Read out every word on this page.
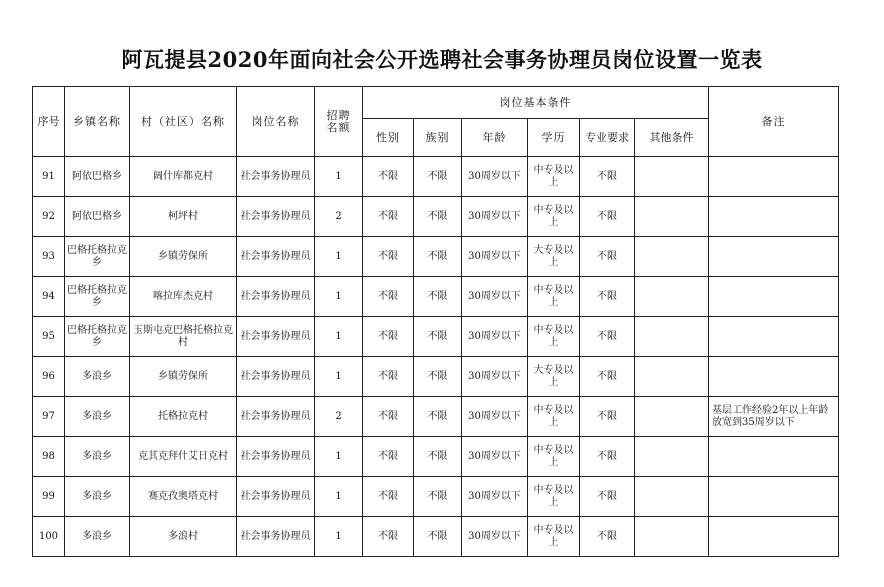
阿瓦提县2020年面向社会公开选聘社会事务协理员岗位设置一览表
序号	乡镇名称	村（社区）名称	岗位名称	招聘名额	岗位基本条件						备注
					性别	族别	年龄	学历	专业要求	其他条件	
91	阿依巴格乡	阔什库都克村	社会事务协理员	1	不限	不限	30周岁以下	中专及以上	不限		
92	阿依巴格乡	柯坪村	社会事务协理员	2	不限	不限	30周岁以下	中专及以上	不限		
93	巴格托格拉克乡	乡镇劳保所	社会事务协理员	1	不限	不限	30周岁以下	大专及以上	不限		
94	巴格托格拉克乡	喀拉库杰克村	社会事务协理员	1	不限	不限	30周岁以下	中专及以上	不限		
95	巴格托格拉克乡	玉斯屯克巴格托格拉克村	社会事务协理员	1	不限	不限	30周岁以下	中专及以上	不限		
96	多浪乡	乡镇劳保所	社会事务协理员	1	不限	不限	30周岁以下	大专及以上	不限		
97	多浪乡	托格拉克村	社会事务协理员	2	不限	不限	30周岁以下	中专及以上	不限		基层工作经验2年以上年龄放宽到35周岁以下
98	多浪乡	克其克拜什艾日克村	社会事务协理员	1	不限	不限	30周岁以下	中专及以上	不限		
99	多浪乡	赛克孜奥塔克村	社会事务协理员	1	不限	不限	30周岁以下	中专及以上	不限		
100	多浪乡	多浪村	社会事务协理员	1	不限	不限	30周岁以下	中专及以上	不限		
